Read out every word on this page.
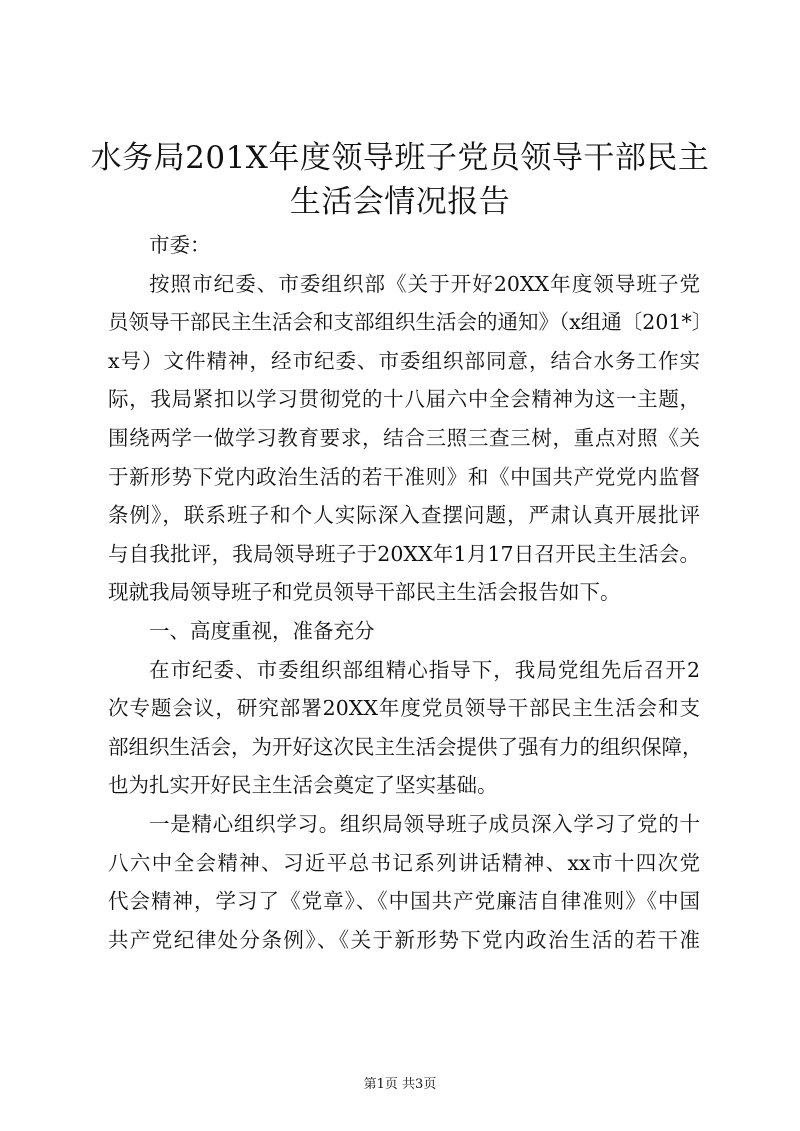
水务局201X年度领导班子党员领导干部民主
生活会情况报告
市委：
按照市纪委、市委组织部《关于开好20XX年度领导班子党
员领导干部民主生活会和支部组织生活会的通知》（x组通〔201*〕
x号）文件精神，经市纪委、市委组织部同意，结合水务工作实
际，我局紧扣以学习贯彻党的十八届六中全会精神为这一主题，
围绕两学一做学习教育要求，结合三照三查三树，重点对照《关
于新形势下党内政治生活的若干准则》和《中国共产党党内监督
条例》，联系班子和个人实际深入查摆问题，严肃认真开展批评
与自我批评，我局领导班子于20XX年1月17日召开民主生活会。
现就我局领导班子和党员领导干部民主生活会报告如下。
一、高度重视，准备充分
在市纪委、市委组织部组精心指导下，我局党组先后召开2
次专题会议，研究部署20XX年度党员领导干部民主生活会和支
部组织生活会，为开好这次民主生活会提供了强有力的组织保障，
也为扎实开好民主生活会奠定了坚实基础。
一是精心组织学习。组织局领导班子成员深入学习了党的十
八六中全会精神、习近平总书记系列讲话精神、xx市十四次党
代会精神，学习了《党章》、《中国共产党廉洁自律准则》《中国
共产党纪律处分条例》、《关于新形势下党内政治生活的若干准
第1页 共3页
